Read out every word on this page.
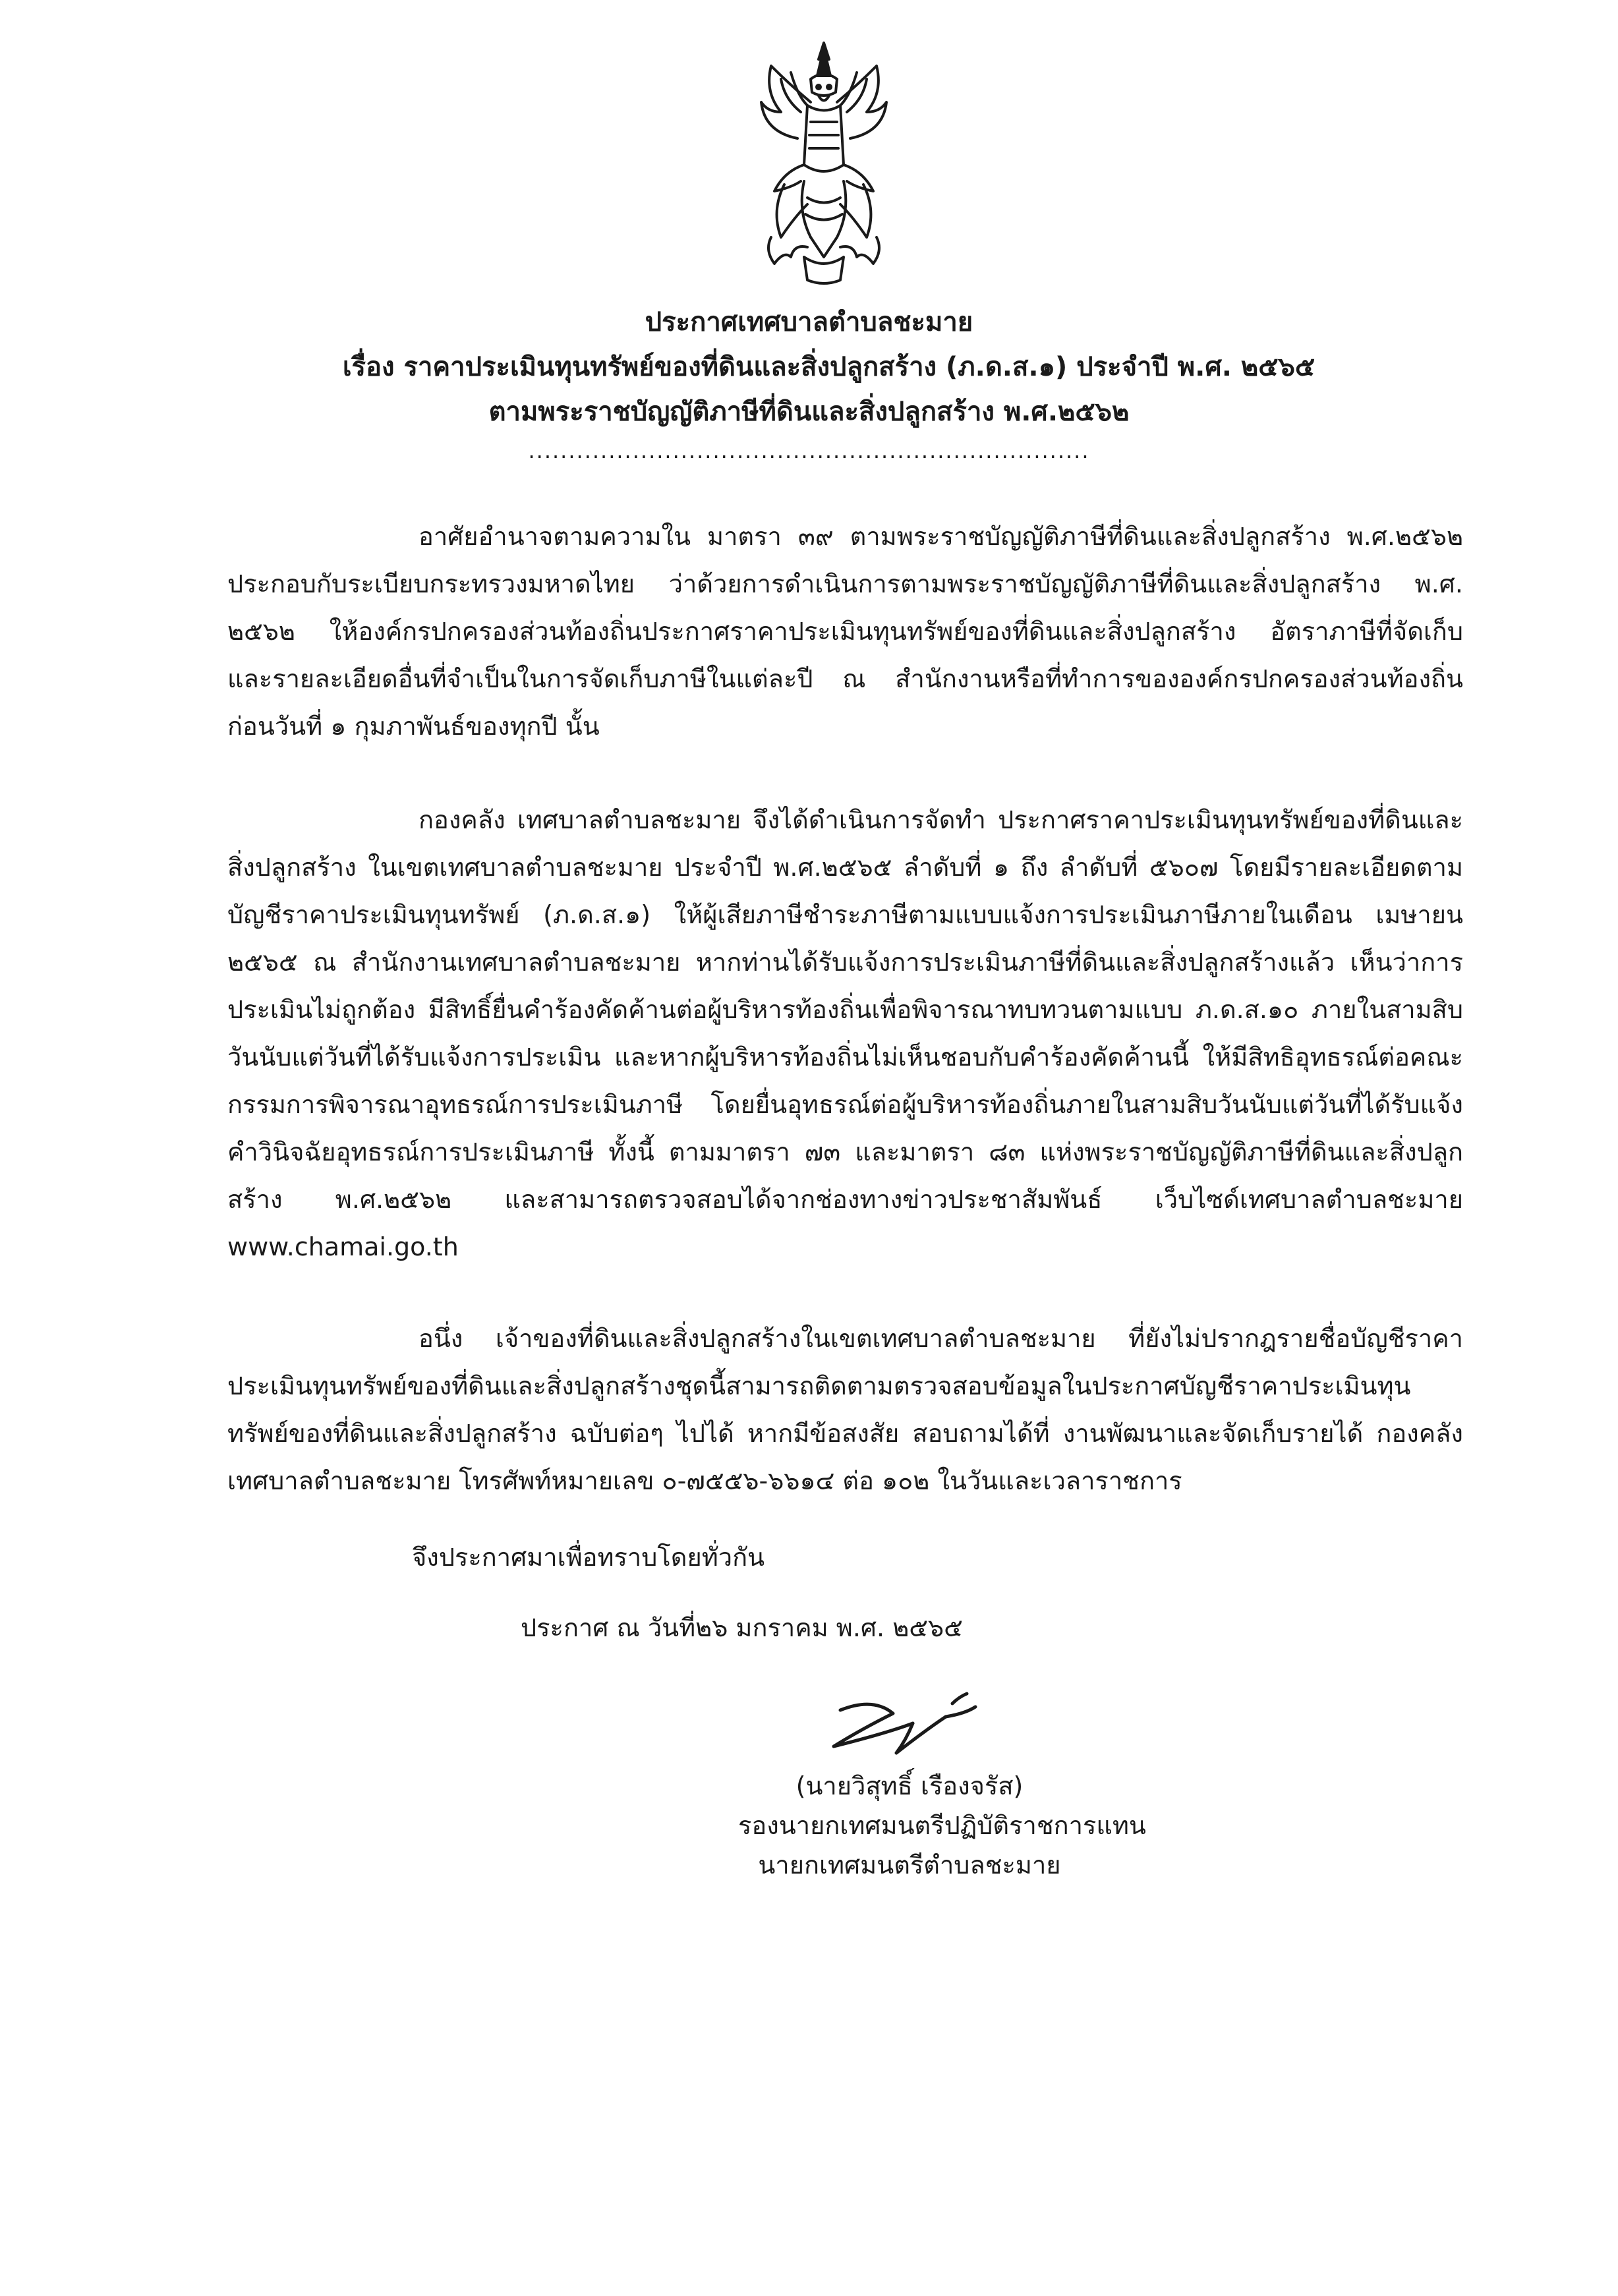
ประกาศเทศบาลตำบลชะมาย
เรื่อง ราคาประเมินทุนทรัพย์ของที่ดินและสิ่งปลูกสร้าง (ภ.ด.ส.๑) ประจำปี พ.ศ. ๒๕๖๕
ตามพระราชบัญญัติภาษีที่ดินและสิ่งปลูกสร้าง พ.ศ.๒๕๖๒
......................................................................

อาศัยอำนาจตามความใน มาตรา ๓๙ ตามพระราชบัญญัติภาษีที่ดินและสิ่งปลูกสร้าง พ.ศ.๒๕๖๒ ประกอบกับระเบียบกระทรวงมหาดไทย ว่าด้วยการดำเนินการตามพระราชบัญญัติภาษีที่ดินและสิ่งปลูกสร้าง พ.ศ. ๒๕๖๒ ให้องค์กรปกครองส่วนท้องถิ่นประกาศราคาประเมินทุนทรัพย์ของที่ดินและสิ่งปลูกสร้าง อัตราภาษีที่จัดเก็บ และรายละเอียดอื่นที่จำเป็นในการจัดเก็บภาษีในแต่ละปี ณ สำนักงานหรือที่ทำการขององค์กรปกครองส่วนท้องถิ่น ก่อนวันที่ ๑ กุมภาพันธ์ของทุกปี นั้น

กองคลัง เทศบาลตำบลชะมาย จึงได้ดำเนินการจัดทำ ประกาศราคาประเมินทุนทรัพย์ของที่ดินและสิ่งปลูกสร้าง ในเขตเทศบาลตำบลชะมาย ประจำปี พ.ศ.๒๕๖๕ ลำดับที่ ๑ ถึง ลำดับที่ ๕๖๐๗ โดยมีรายละเอียดตามบัญชีราคาประเมินทุนทรัพย์ (ภ.ด.ส.๑) ให้ผู้เสียภาษีชำระภาษีตามแบบแจ้งการประเมินภาษีภายในเดือน เมษายน ๒๕๖๕ ณ สำนักงานเทศบาลตำบลชะมาย หากท่านได้รับแจ้งการประเมินภาษีที่ดินและสิ่งปลูกสร้างแล้ว เห็นว่าการประเมินไม่ถูกต้อง มีสิทธิ์ยื่นคำร้องคัดค้านต่อผู้บริหารท้องถิ่นเพื่อพิจารณาทบทวนตามแบบ ภ.ด.ส.๑๐ ภายในสามสิบวันนับแต่วันที่ได้รับแจ้งการประเมิน และหากผู้บริหารท้องถิ่นไม่เห็นชอบกับคำร้องคัดค้านนี้ ให้มีสิทธิอุทธรณ์ต่อคณะกรรมการพิจารณาอุทธรณ์การประเมินภาษี โดยยื่นอุทธรณ์ต่อผู้บริหารท้องถิ่นภายในสามสิบวันนับแต่วันที่ได้รับแจ้งคำวินิจฉัยอุทธรณ์การประเมินภาษี ทั้งนี้ ตามมาตรา ๗๓ และมาตรา ๘๓ แห่งพระราชบัญญัติภาษีที่ดินและสิ่งปลูกสร้าง พ.ศ.๒๕๖๒ และสามารถตรวจสอบได้จากช่องทางข่าวประชาสัมพันธ์ เว็บไซด์เทศบาลตำบลชะมาย www.chamai.go.th

อนึ่ง เจ้าของที่ดินและสิ่งปลูกสร้างในเขตเทศบาลตำบลชะมาย ที่ยังไม่ปรากฎรายชื่อบัญชีราคาประเมินทุนทรัพย์ของที่ดินและสิ่งปลูกสร้างชุดนี้สามารถติดตามตรวจสอบข้อมูลในประกาศบัญชีราคาประเมินทุนทรัพย์ของที่ดินและสิ่งปลูกสร้าง ฉบับต่อๆ ไปได้ หากมีข้อสงสัย สอบถามได้ที่ งานพัฒนาและจัดเก็บรายได้ กองคลัง เทศบาลตำบลชะมาย โทรศัพท์หมายเลข ๐-๗๕๕๖-๖๖๑๔ ต่อ ๑๐๒ ในวันและเวลาราชการ

จึงประกาศมาเพื่อทราบโดยทั่วกัน
ประกาศ ณ วันที่๒๖ มกราคม พ.ศ. ๒๕๖๕
(นายวิสุทธิ์ เรืองจรัส)
รองนายกเทศมนตรีปฏิบัติราชการแทน
นายกเทศมนตรีตำบลชะมาย
